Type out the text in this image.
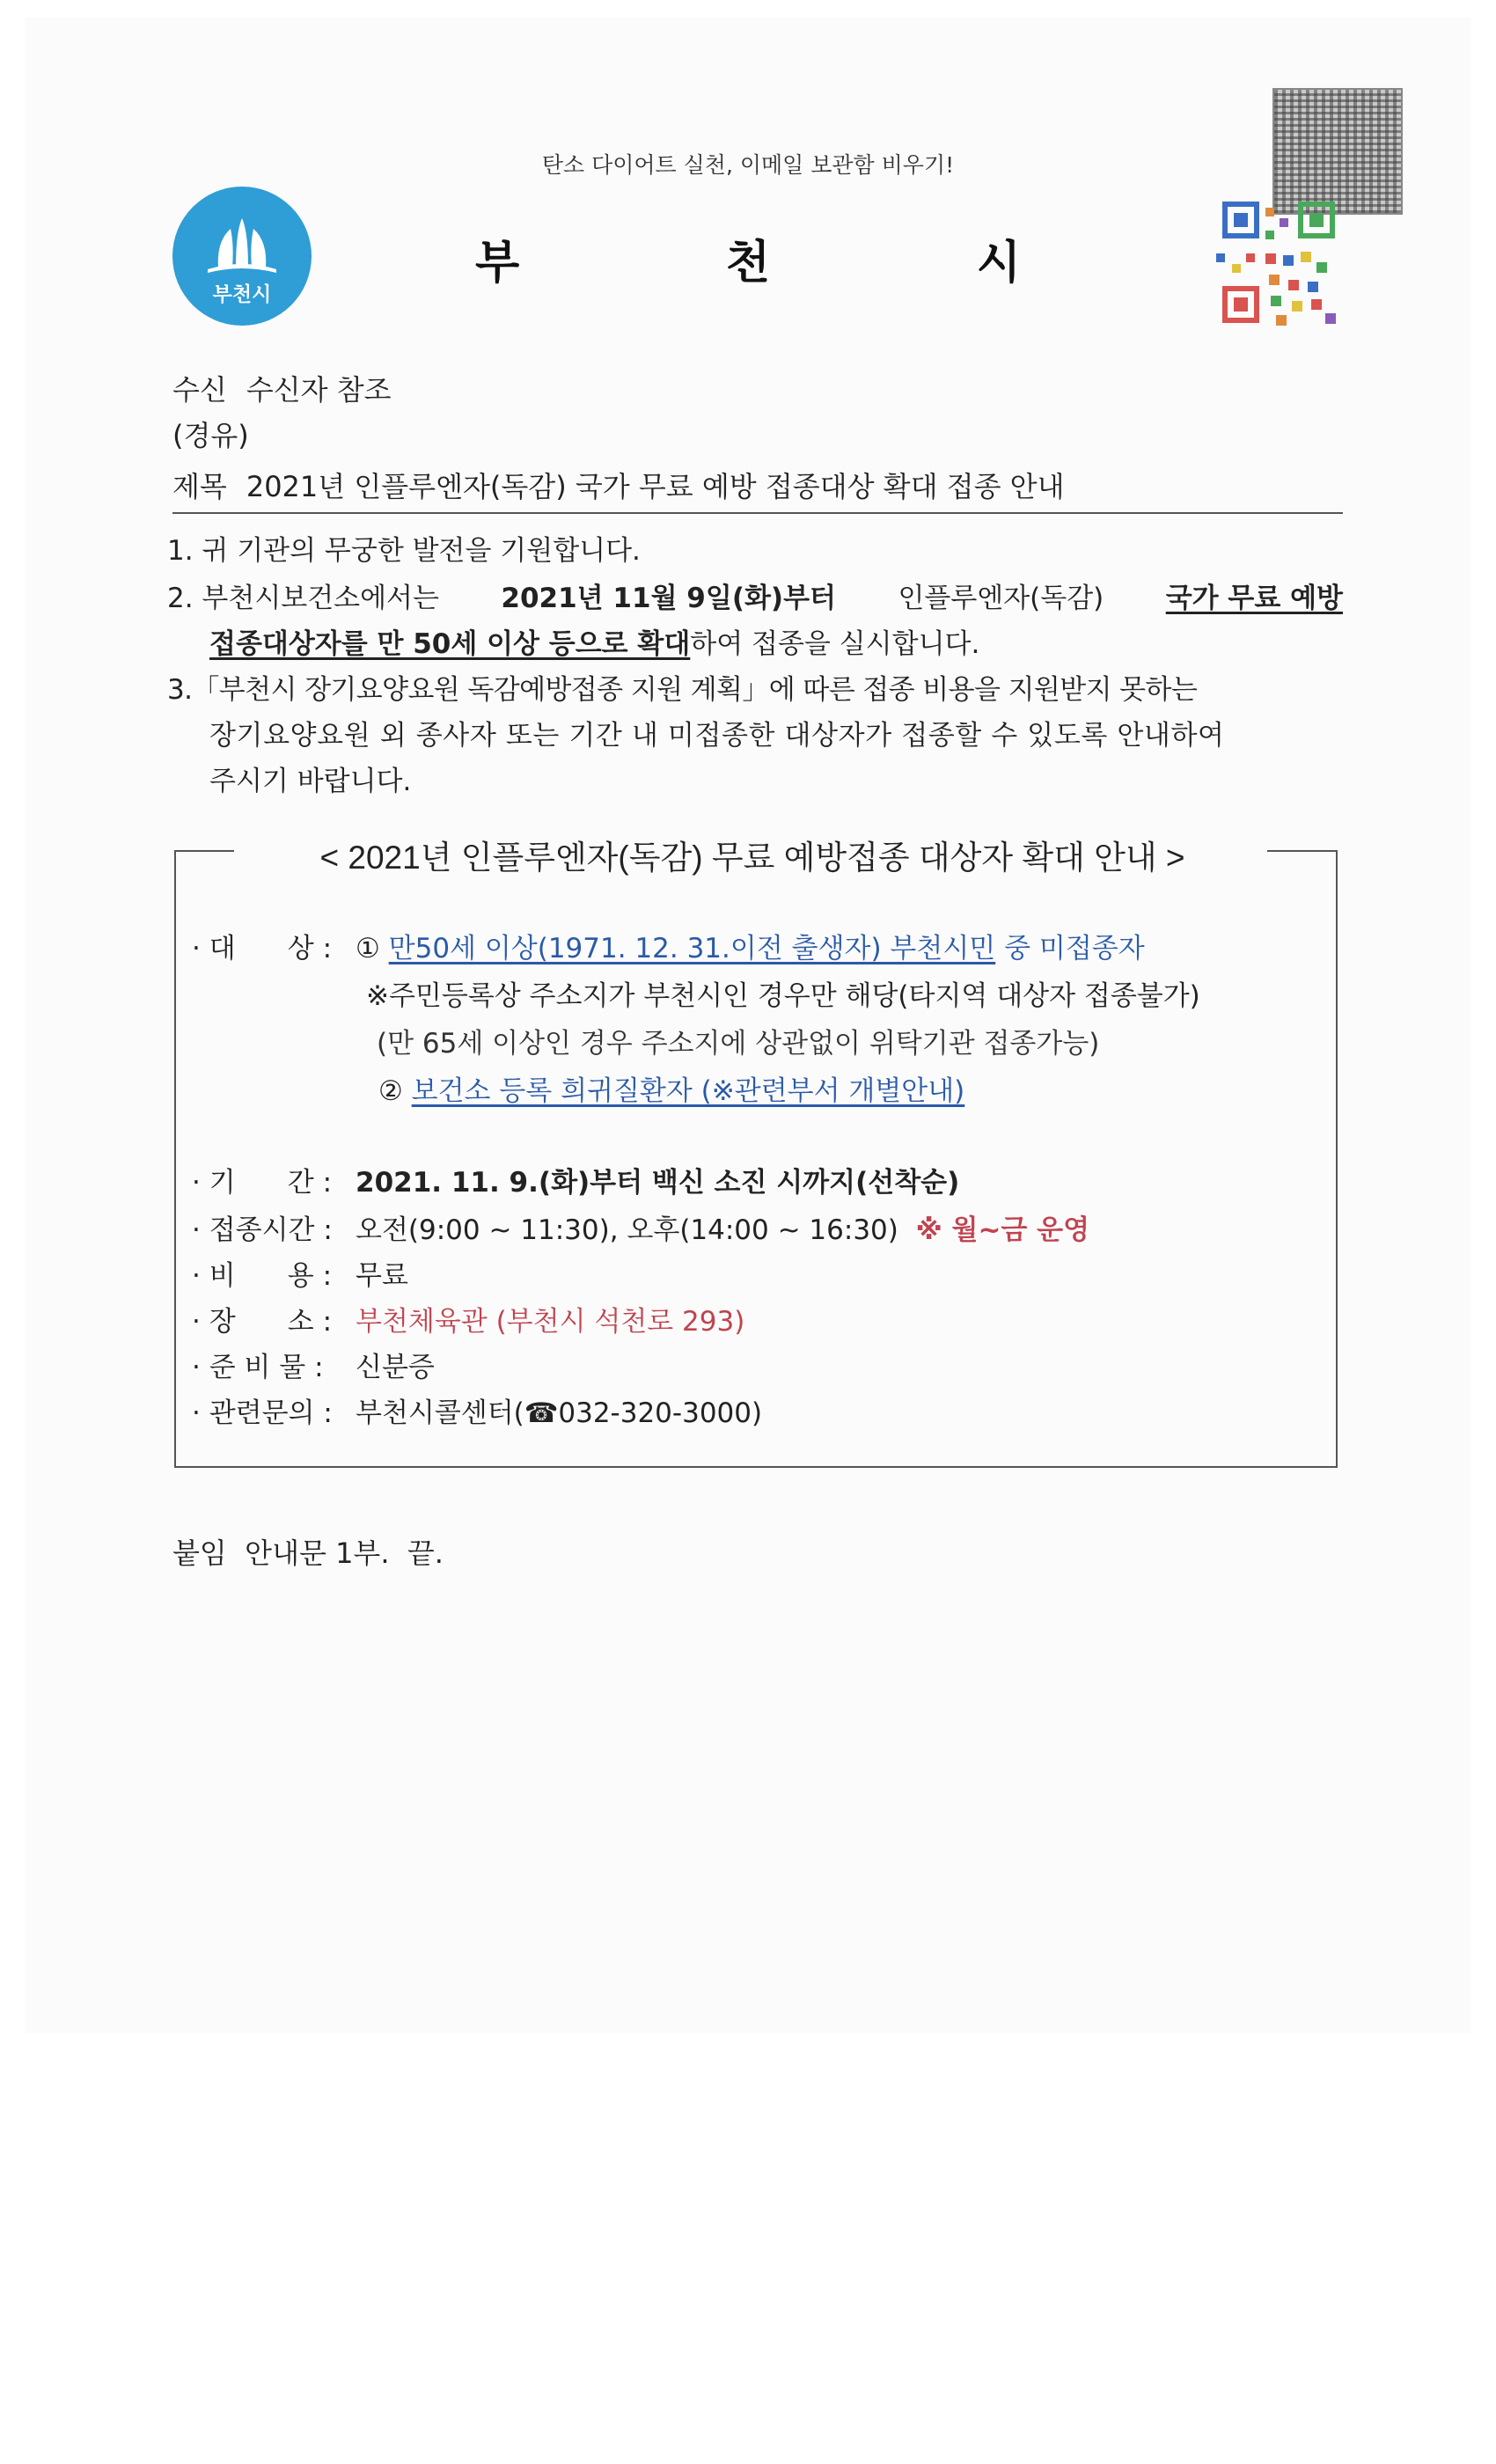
탄소 다이어트 실천, 이메일 보관함 비우기!
부천시
부	천	시
수신 수신자 참조
(경유)
제목 2021년 인플루엔자(독감) 국가 무료 예방 접종대상 확대 접종 안내
1. 귀 기관의 무궁한 발전을 기원합니다.
2. 부천시보건소에서는 2021년 11월 9일(화)부터 인플루엔자(독감) 국가 무료 예방
접종대상자를 만 50세 이상 등으로 확대하여 접종을 실시합니다.
3.「부천시 장기요양요원 독감예방접종 지원 계획」에 따른 접종 비용을 지원받지 못하는
장기요양요원 외 종사자 또는 기간 내 미접종한 대상자가 접종할 수 있도록 안내하여
주시기 바랍니다.
< 2021년 인플루엔자(독감) 무료 예방접종 대상자 확대 안내 >
· 대      상 : ① 만50세 이상(1971. 12. 31.이전 출생자) 부천시민 중 미접종자
※주민등록상 주소지가 부천시인 경우만 해당(타지역 대상자 접종불가)
(만 65세 이상인 경우 주소지에 상관없이 위탁기관 접종가능)
② 보건소 등록 희귀질환자 (※관련부서 개별안내)
· 기      간 : 2021. 11. 9.(화)부터 백신 소진 시까지(선착순)
· 접종시간 : 오전(9:00 ~ 11:30), 오후(14:00 ~ 16:30) ※ 월~금 운영
· 비      용 : 무료
· 장      소 : 부천체육관 (부천시 석천로 293)
· 준 비 물 : 신분증
· 관련문의 : 부천시콜센터(☎032-320-3000)
붙임  안내문 1부.  끝.
